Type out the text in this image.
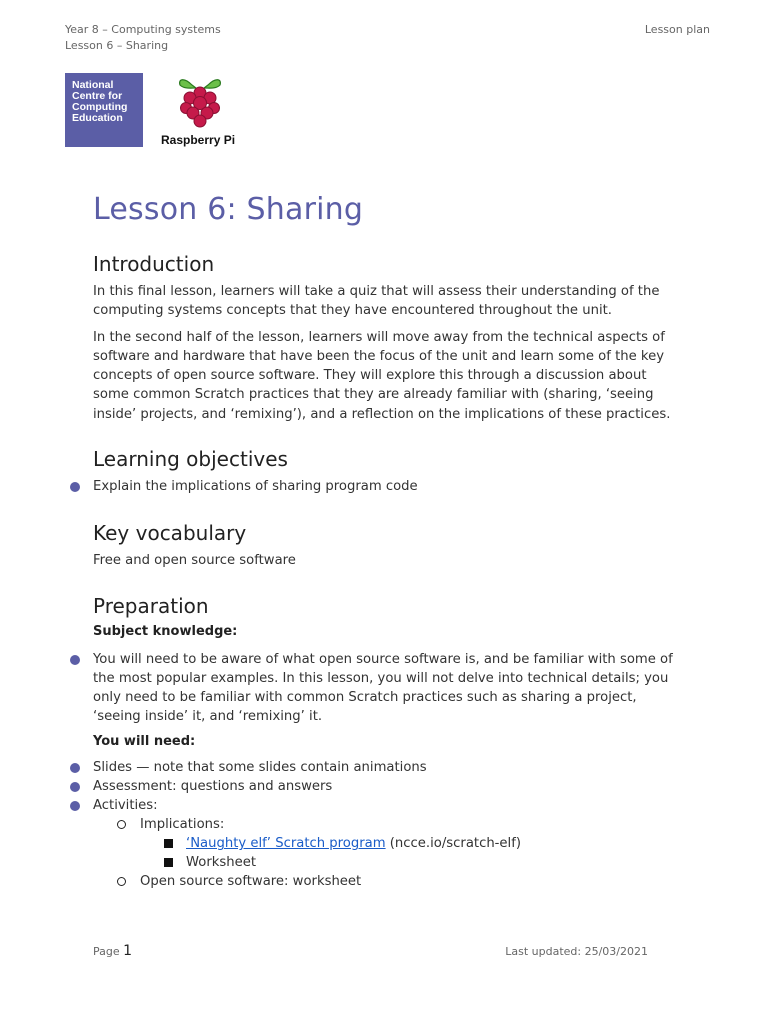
Year 8 – Computing systems
Lesson 6 – Sharing
Lesson plan
National
Centre for
Computing
Education
Raspberry Pi
Lesson 6: Sharing
Introduction

In this final lesson, learners will take a quiz that will assess their understanding of the computing systems concepts that they have encountered throughout the unit.

In the second half of the lesson, learners will move away from the technical aspects of software and hardware that have been the focus of the unit and learn some of the key concepts of open source software. They will explore this through a discussion about some common Scratch practices that they are already familiar with (sharing, ‘seeing inside’ projects, and ‘remixing’), and a reflection on the implications of these practices.

Learning objectives
Explain the implications of sharing program code
Key vocabulary

Free and open source software

Preparation
Subject knowledge:
You will need to be aware of what open source software is, and be familiar with some of the most popular examples. In this lesson, you will not delve into technical details; you only need to be familiar with common Scratch practices such as sharing a project, ‘seeing inside’ it, and ‘remixing’ it.
You will need:
Slides — note that some slides contain animations
Assessment: questions and answers
Activities:
Implications:
‘Naughty elf’ Scratch program (ncce.io/scratch-elf)
Worksheet
Open source software: worksheet
Page 1	Last updated: 25/03/2021
